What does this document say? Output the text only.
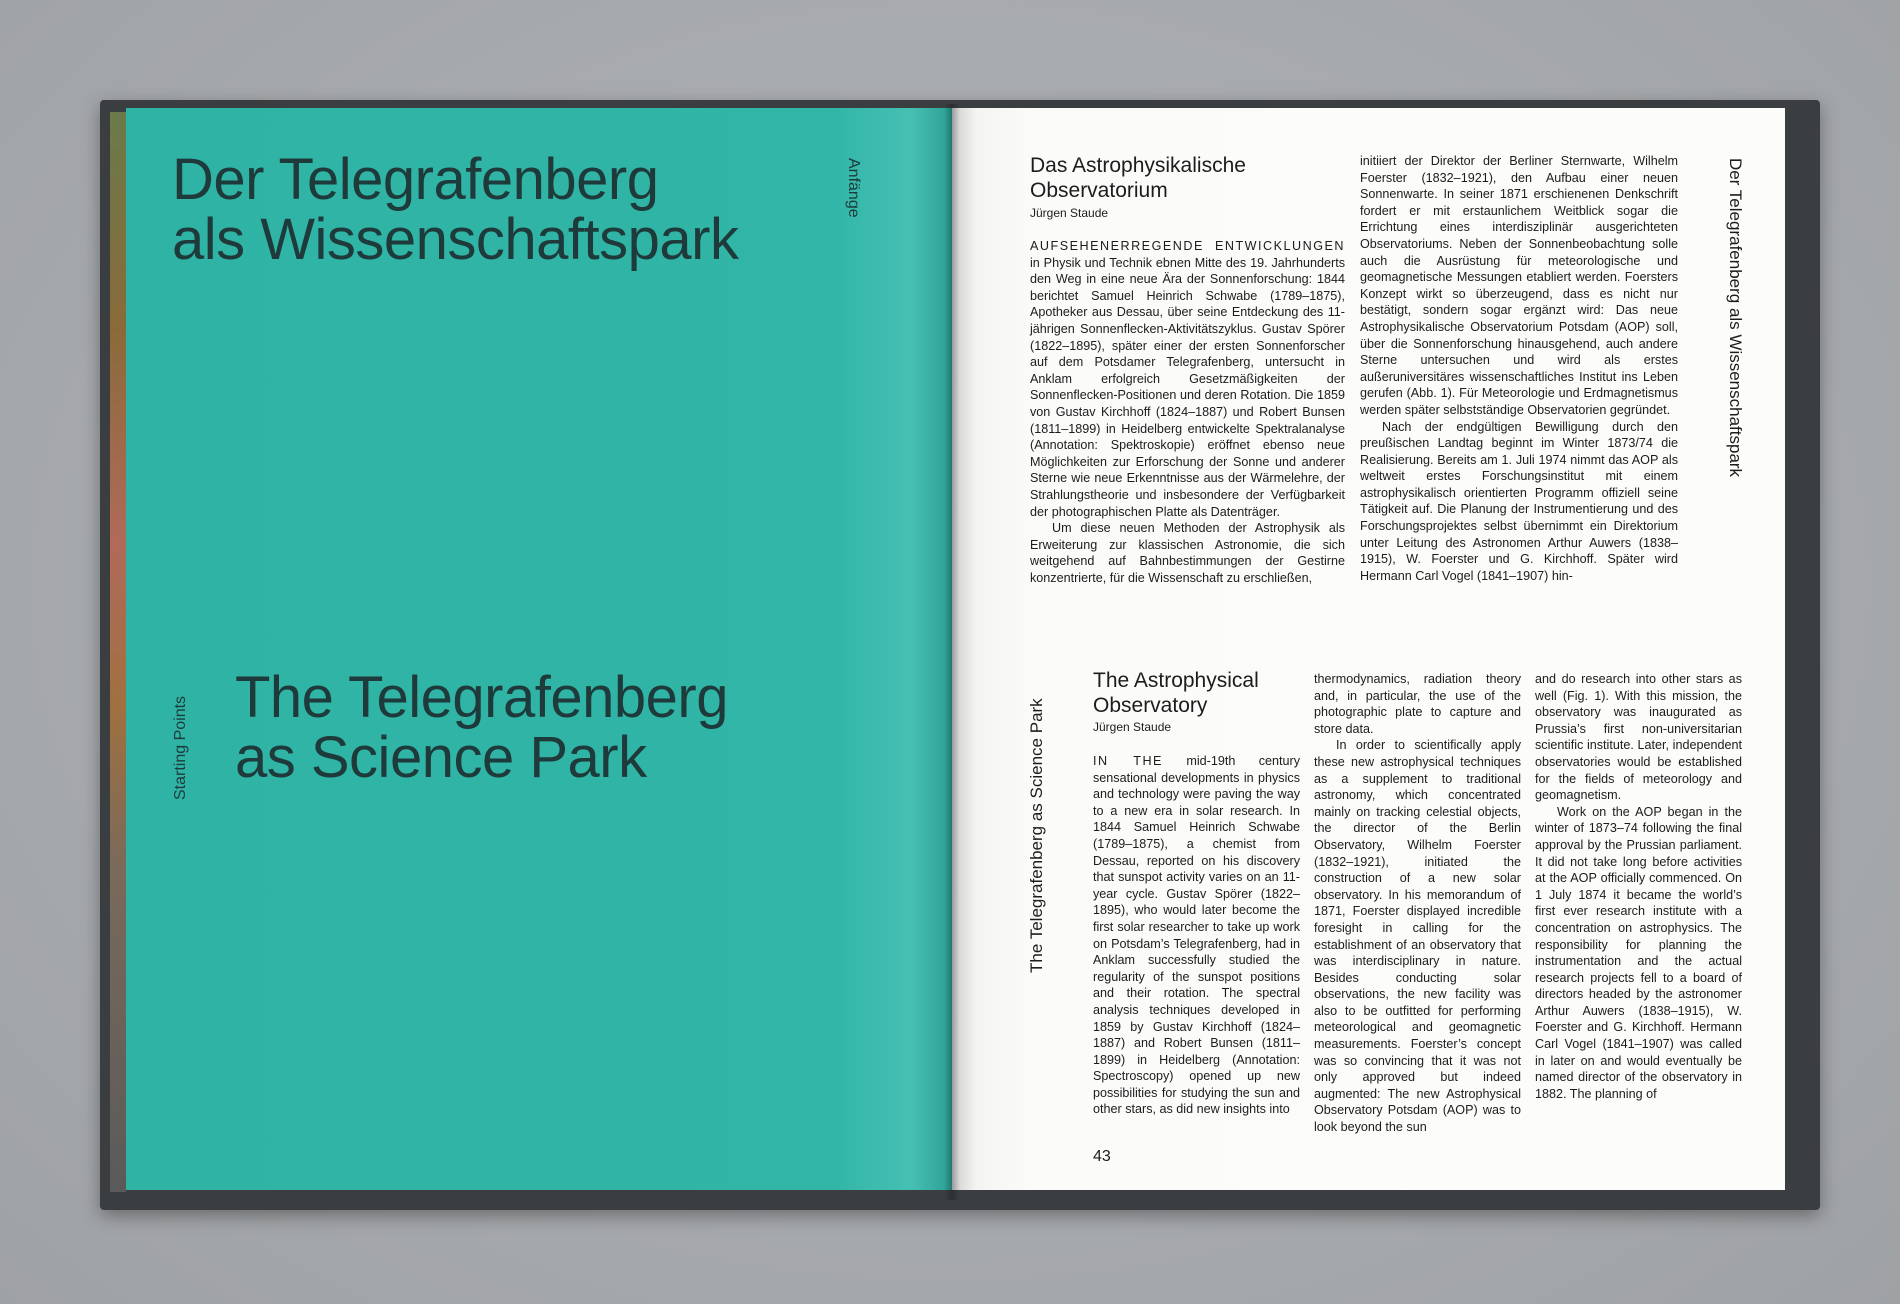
Der Telegrafenberg
als Wissenschaftspark
Anfänge
The Telegrafenberg
as Science Park
Starting Points
Der Telegrafenberg als Wissenschaftspark
The Telegrafenberg as Science Park
Das Astrophysikalische
Observatorium
Jürgen Staude

AUFSEHENERREGENDE ENTWICKLUNGEN in Physik und Technik ebnen Mitte des 19. Jahrhunderts den Weg in eine neue Ära der Sonnenforschung: 1844 berichtet Samuel Heinrich Schwabe (1789–1875), Apotheker aus Dessau, über seine Entdeckung des 11- jährigen Sonnenflecken-Aktivitätszyklus. Gustav Spörer (1822–1895), später einer der ersten Sonnenforscher auf dem Potsdamer Telegrafenberg, untersucht in Anklam erfolgreich Gesetzmäßigkeiten der Sonnenflecken-Positionen und deren Rotation. Die 1859 von Gustav Kirchhoff (1824–1887) und Robert Bunsen (1811–1899) in Heidelberg entwickelte Spektralanalyse (Annotation: Spektroskopie) eröffnet ebenso neue Möglichkeiten zur Erforschung der Sonne und anderer Sterne wie neue Erkenntnisse aus der Wärmelehre, der Strahlungstheorie und insbesondere der Verfügbarkeit der photographischen Platte als Datenträger.

Um diese neuen Methoden der Astrophysik als Erweiterung zur klassischen Astronomie, die sich weitgehend auf Bahnbestimmungen der Gestirne konzentrierte, für die Wissenschaft zu erschließen,

initiiert der Direktor der Berliner Sternwarte, Wilhelm Foerster (1832–1921), den Aufbau einer neuen Sonnenwarte. In seiner 1871 erschienenen Denkschrift fordert er mit erstaunlichem Weitblick sogar die Errichtung eines interdisziplinär ausgerichteten Observatoriums. Neben der Sonnenbeobachtung solle auch die Ausrüstung für meteorologische und geomagnetische Messungen etabliert werden. Foersters Konzept wirkt so überzeugend, dass es nicht nur bestätigt, sondern sogar ergänzt wird: Das neue Astrophysikalische Observatorium Potsdam (AOP) soll, über die Sonnenforschung hinausgehend, auch andere Sterne untersuchen und wird als erstes außeruniversitäres wissenschaftliches Institut ins Leben gerufen (Abb. 1). Für Meteorologie und Erdmagnetismus werden später selbstständige Observatorien gegründet.

Nach der endgültigen Bewilligung durch den preußischen Landtag beginnt im Winter 1873/74 die Realisierung. Bereits am 1. Juli 1974 nimmt das AOP als weltweit erstes Forschungsinstitut mit einem astrophysikalisch orientierten Programm offiziell seine Tätigkeit auf. Die Planung der Instrumentierung und des Forschungsprojektes selbst übernimmt ein Direktorium unter Leitung des Astronomen Arthur Auwers (1838–1915), W. Foerster und G. Kirchhoff. Später wird Hermann Carl Vogel (1841–1907) hin-

The Astrophysical
Observatory
Jürgen Staude

IN THE mid-19th century sensational developments in physics and technology were paving the way to a new era in solar research. In 1844 Samuel Heinrich Schwabe (1789–1875), a chemist from Dessau, reported on his discovery that sunspot activity varies on an 11-year cycle. Gustav Spörer (1822–1895), who would later become the first solar researcher to take up work on Potsdam’s Telegrafenberg, had in Anklam successfully studied the regularity of the sunspot positions and their rotation. The spectral analysis techniques developed in 1859 by Gustav Kirchhoff (1824–1887) and Robert Bunsen (1811–1899) in Heidelberg (Annotation: Spectroscopy) opened up new possibilities for studying the sun and other stars, as did new insights into

thermodynamics, radiation theory and, in particular, the use of the photographic plate to capture and store data.

In order to scientifically apply these new astrophysical techniques as a supplement to traditional astronomy, which concentrated mainly on tracking celestial objects, the director of the Berlin Observatory, Wilhelm Foerster (1832–1921), initiated the construction of a new solar observatory. In his memorandum of 1871, Foerster displayed incredible foresight in calling for the establishment of an observatory that was interdisciplinary in nature. Besides conducting solar observations, the new facility was also to be outfitted for performing meteorological and geomagnetic measurements. Foerster’s concept was so convincing that it was not only approved but indeed augmented: The new Astrophysical Observatory Potsdam (AOP) was to look beyond the sun

and do research into other stars as well (Fig. 1). With this mission, the observatory was inaugurated as Prussia’s first non-universitarian scientific institute. Later, independent observatories would be established for the fields of meteorology and geomagnetism.

Work on the AOP began in the winter of 1873–74 following the final approval by the Prussian parliament. It did not take long before activities at the AOP officially commenced. On 1 July 1874 it became the world’s first ever research institute with a concentration on astrophysics. The responsibility for planning the instrumentation and the actual research projects fell to a board of directors headed by the astronomer Arthur Auwers (1838–1915), W. Foerster and G. Kirchhoff. Hermann Carl Vogel (1841–1907) was called in later on and would eventually be named director of the observatory in 1882. The planning of

43
